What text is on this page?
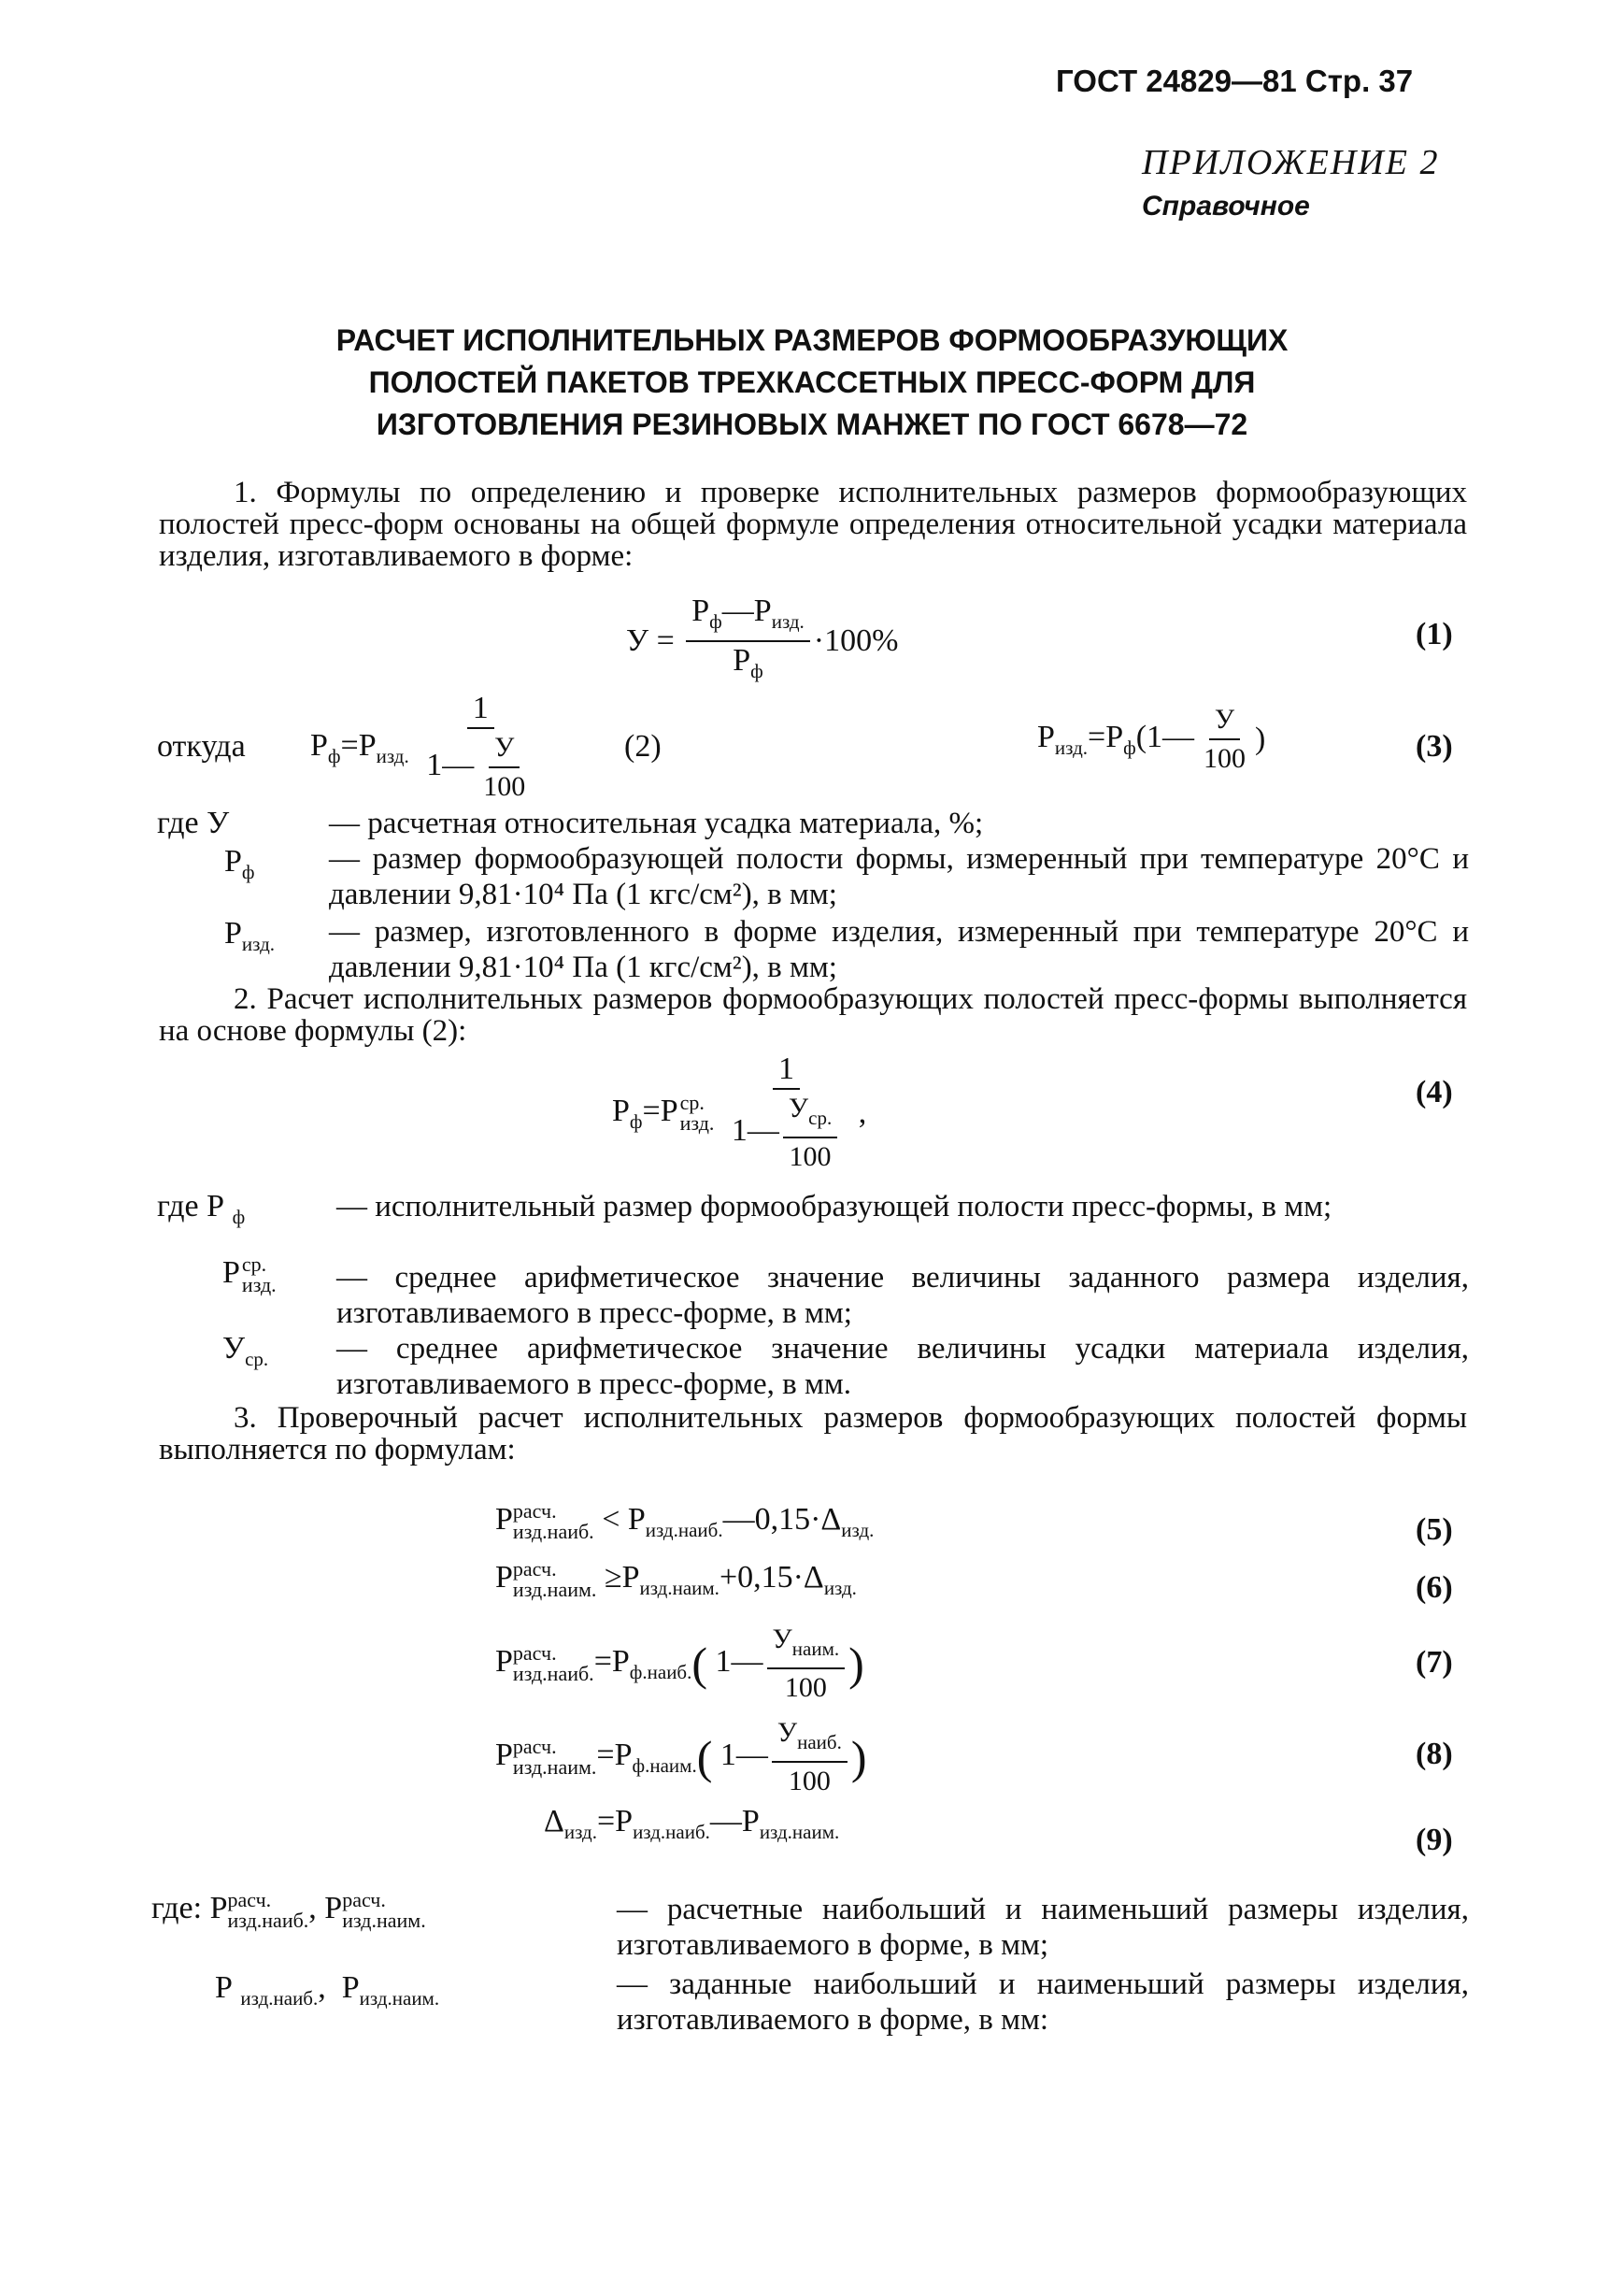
ГОСТ 24829—81 Стр. 37
ПРИЛОЖЕНИЕ 2
Справочное
РАСЧЕТ ИСПОЛНИТЕЛЬНЫХ РАЗМЕРОВ ФОРМООБРАЗУЮЩИХ
ПОЛОСТЕЙ ПАКЕТОВ ТРЕХКАССЕТНЫХ ПРЕСС-ФОРМ ДЛЯ
ИЗГОТОВЛЕНИЯ РЕЗИНОВЫХ МАНЖЕТ ПО ГОСТ 6678—72
1. Формулы по определению и проверке исполнительных размеров формообразующих полостей пресс-форм основаны на общей формуле определения относительной усадки материала изделия, изготавливаемого в форме:
$У = \frac{Р_ф—Р_{изд.}}{Р_ф} \cdot 100\%$	(1)
откуда $Р_ф=Р_{изд.} \frac{1}{1— \frac{У}{100}}$	(2)	$Р_{изд.}=Р_ф(1— \frac{У}{100}$ )	(3)
где У	— расчетная относительная усадка материала, %;
$Р_ф$ — размер формообразующей полости формы, измеренный при температуре 20°С и давлении 9,81·10⁴ Па (1 кгс/см²), в мм;
$Р_{изд.}$ — размер, изготовленного в форме изделия, измеренный при температуре 20°С и давлении 9,81·10⁴ Па (1 кгс/см²), в мм;
2. Расчет исполнительных размеров формообразующих полостей пресс-формы выполняется на основе формулы (2):
$Р_ф=Р$ ср.
изд.
$\frac{1}{1— \frac{У_{ср.}}{100}}$ ,
(4)
где Р $_ф$	— исполнительный размер формообразующей полости пресс-формы, в мм;
Р ср.
изд. — среднее арифметическое значение величины заданного размера изделия, изготавливаемого в пресс-форме, в мм;
$У_{ср.}$ — среднее арифметическое значение величины усадки материала изделия, изготавливаемого в пресс-форме, в мм.
3. Проверочный расчет исполнительных размеров формообразующих полостей формы выполняется по формулам:
Р расч.
изд.наиб. < $Р_{изд.наиб.}—0,15\cdot\Delta_{изд.}$	(5)
Р расч.
изд.наим. $\ge Р_{изд.наим.}+0,15\cdot\Delta_{изд.}$	(6)
Р расч.
изд.наиб. $=Р_{ф.наиб.}$( 1— $\frac{У_{наим.}}{100}$ )	(7)
Р расч.
изд.наим. $=Р_{ф.наим.}$( 1— $\frac{У_{наиб.}}{100}$ )	(8)
$\Delta_{изд.}=Р_{изд.наиб.}—Р_{изд.наим.}$	(9)
где: Р расч.
изд.наиб. , Р расч.
изд.наим.	— расчетные наибольший и наименьший размеры изделия, изготавливаемого в форме, в мм;
Р $_{изд.наиб.}$,  $Р_{изд.наим.}$	— заданные наибольший и наименьший размеры изделия, изготавливаемого в форме, в мм:
